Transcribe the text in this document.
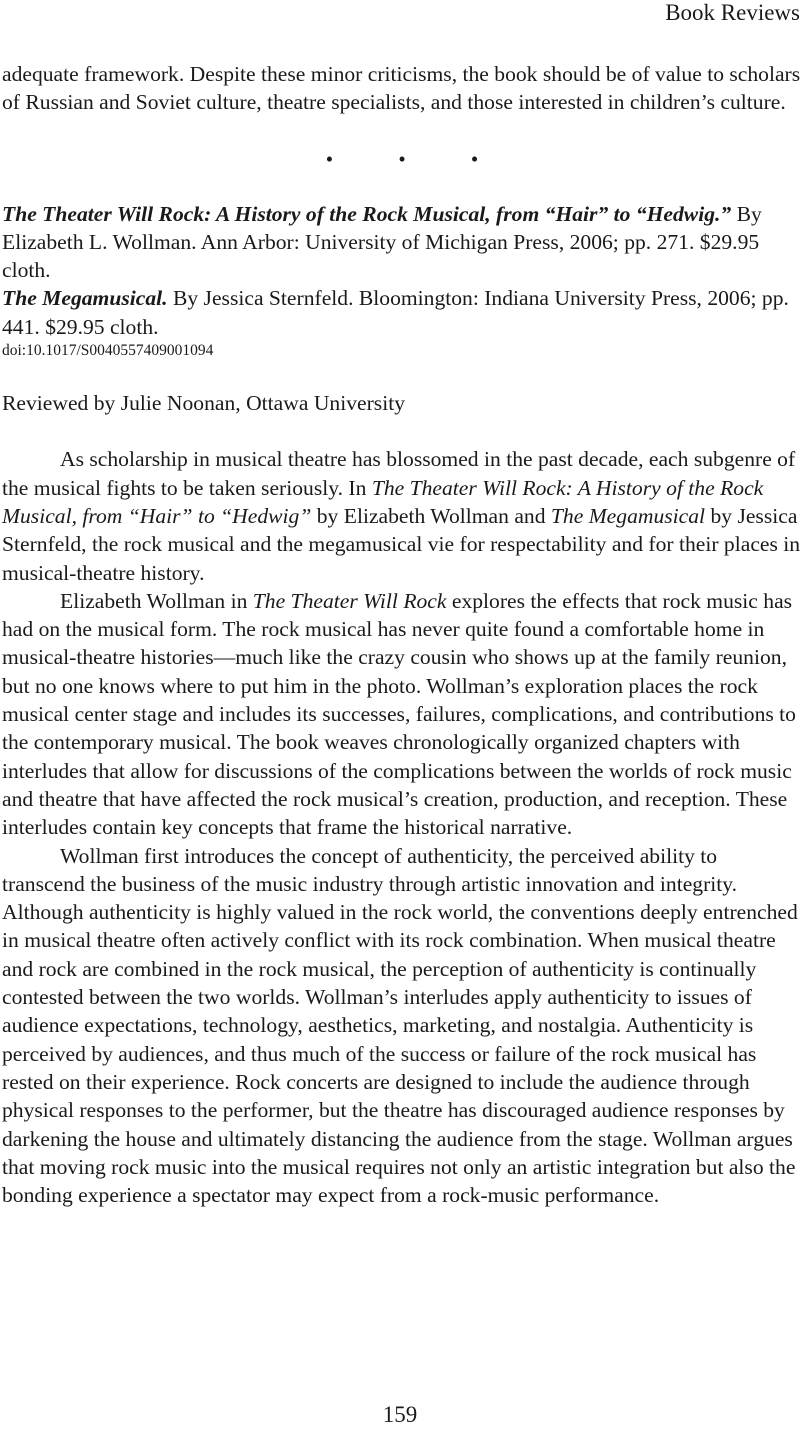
Book Reviews

adequate framework. Despite these minor criticisms, the book should be of value to scholars of Russian and Soviet culture, theatre specialists, and those interested in children’s culture.

•	•	•

The Theater Will Rock: A History of the Rock Musical, from “Hair” to “Hedwig.” By Elizabeth L. Wollman. Ann Arbor: University of Michigan Press, 2006; pp. 271. $29.95 cloth.

The Megamusical. By Jessica Sternfeld. Bloomington: Indiana University Press, 2006; pp. 441. $29.95 cloth.

doi:10.1017/S0040557409001094

Reviewed by Julie Noonan, Ottawa University

As scholarship in musical theatre has blossomed in the past decade, each subgenre of the musical fights to be taken seriously. In The Theater Will Rock: A History of the Rock Musical, from “Hair” to “Hedwig” by Elizabeth Wollman and The Megamusical by Jessica Sternfeld, the rock musical and the megamusical vie for respectability and for their places in musical-theatre history.

Elizabeth Wollman in The Theater Will Rock explores the effects that rock music has had on the musical form. The rock musical has never quite found a comfortable home in musical-theatre histories—much like the crazy cousin who shows up at the family reunion, but no one knows where to put him in the photo. Wollman’s exploration places the rock musical center stage and includes its successes, failures, complications, and contributions to the contemporary musical. The book weaves chronologically organized chapters with interludes that allow for discussions of the complications between the worlds of rock music and theatre that have affected the rock musical’s creation, production, and reception. These interludes contain key concepts that frame the historical narrative.

Wollman first introduces the concept of authenticity, the perceived ability to transcend the business of the music industry through artistic innovation and integrity. Although authenticity is highly valued in the rock world, the conventions deeply entrenched in musical theatre often actively conflict with its rock combination. When musical theatre and rock are combined in the rock musical, the perception of authenticity is continually contested between the two worlds. Wollman’s interludes apply authenticity to issues of audience expectations, technology, aesthetics, marketing, and nostalgia. Authenticity is perceived by audiences, and thus much of the success or failure of the rock musical has rested on their experience. Rock concerts are designed to include the audience through physical responses to the performer, but the theatre has discouraged audience responses by darkening the house and ultimately distancing the audience from the stage. Wollman argues that moving rock music into the musical requires not only an artistic integration but also the bonding experience a spectator may expect from a rock-music performance.

159
